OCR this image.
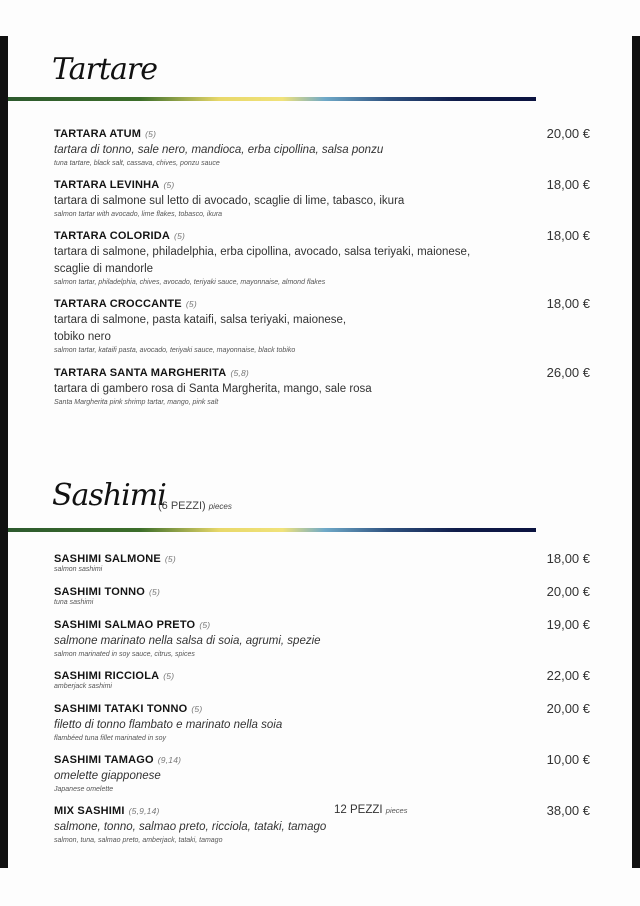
Tartare
TARTARA ATUM (5)
tartara di tonno, sale nero, mandioca, erba cipollina, salsa ponzu
tuna tartare, black salt, cassava, chives, ponzu sauce
20,00 €
TARTARA LEVINHA (5)
tartara di salmone sul letto di avocado, scaglie di lime, tabasco, ikura
salmon tartar with avocado, lime flakes, tobasco, ikura
18,00 €
TARTARA COLORIDA (5)
tartara di salmone, philadelphia, erba cipollina, avocado, salsa teriyaki, maionese,
scaglie di mandorle
salmon tartar, philadelphia, chives, avocado, teriyaki sauce, mayonnaise, almond flakes
18,00 €
TARTARA CROCCANTE (5)
tartara di salmone, pasta kataifi, salsa teriyaki, maionese,
tobiko nero
salmon tartar, kataifi pasta, avocado, teriyaki sauce, mayonnaise, black tobiko
18,00 €
TARTARA SANTA MARGHERITA (5,8)
tartara di gambero rosa di Santa Margherita, mango, sale rosa
Santa Margherita pink shrimp tartar, mango, pink salt
26,00 €
Sashimi
(6 PEZZI) pieces
SASHIMI SALMONE (5)
salmon sashimi
18,00 €
SASHIMI TONNO (5)
tuna sashimi
20,00 €
SASHIMI SALMAO PRETO (5)
salmone marinato nella salsa di soia, agrumi, spezie
salmon marinated in soy sauce, citrus, spices
19,00 €
SASHIMI RICCIOLA (5)
amberjack sashimi
22,00 €
SASHIMI TATAKI TONNO (5)
filetto di tonno flambato e marinato nella soia
flambéed tuna fillet marinated in soy
20,00 €
SASHIMI TAMAGO (9,14)
omelette giapponese
Japanese omelette
10,00 €
MIX SASHIMI (5,9,14)
salmone, tonno, salmao preto, ricciola, tataki, tamago
salmon, tuna, salmao preto, amberjack, tataki, tamago
12 PEZZI pieces	38,00 €
